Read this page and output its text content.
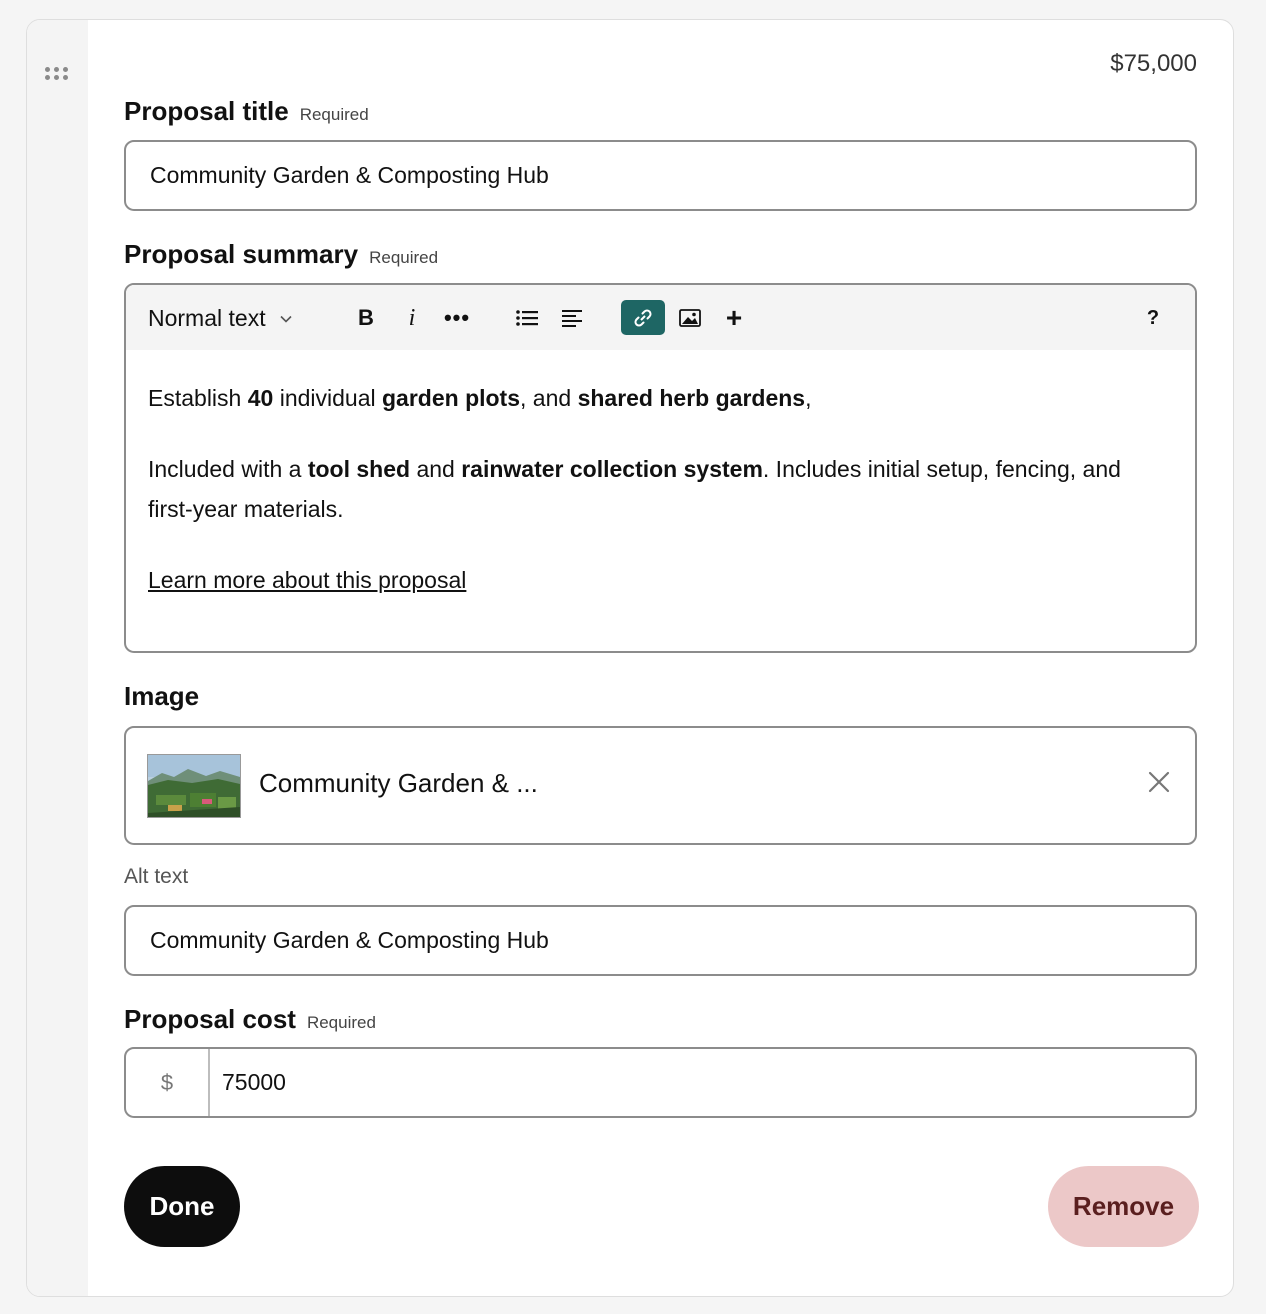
$75,000
Proposal title Required
Community Garden & Composting Hub
Proposal summary Required
Normal text	B	i	•••	+	?

Establish 40 individual garden plots, and shared herb gardens,

Included with a tool shed and rainwater collection system. Includes initial setup, fencing, and first-year materials.

Learn more about this proposal

Image
Community Garden & ...
Alt text
Community Garden & Composting Hub
Proposal cost Required
$	75000
Done	Remove
